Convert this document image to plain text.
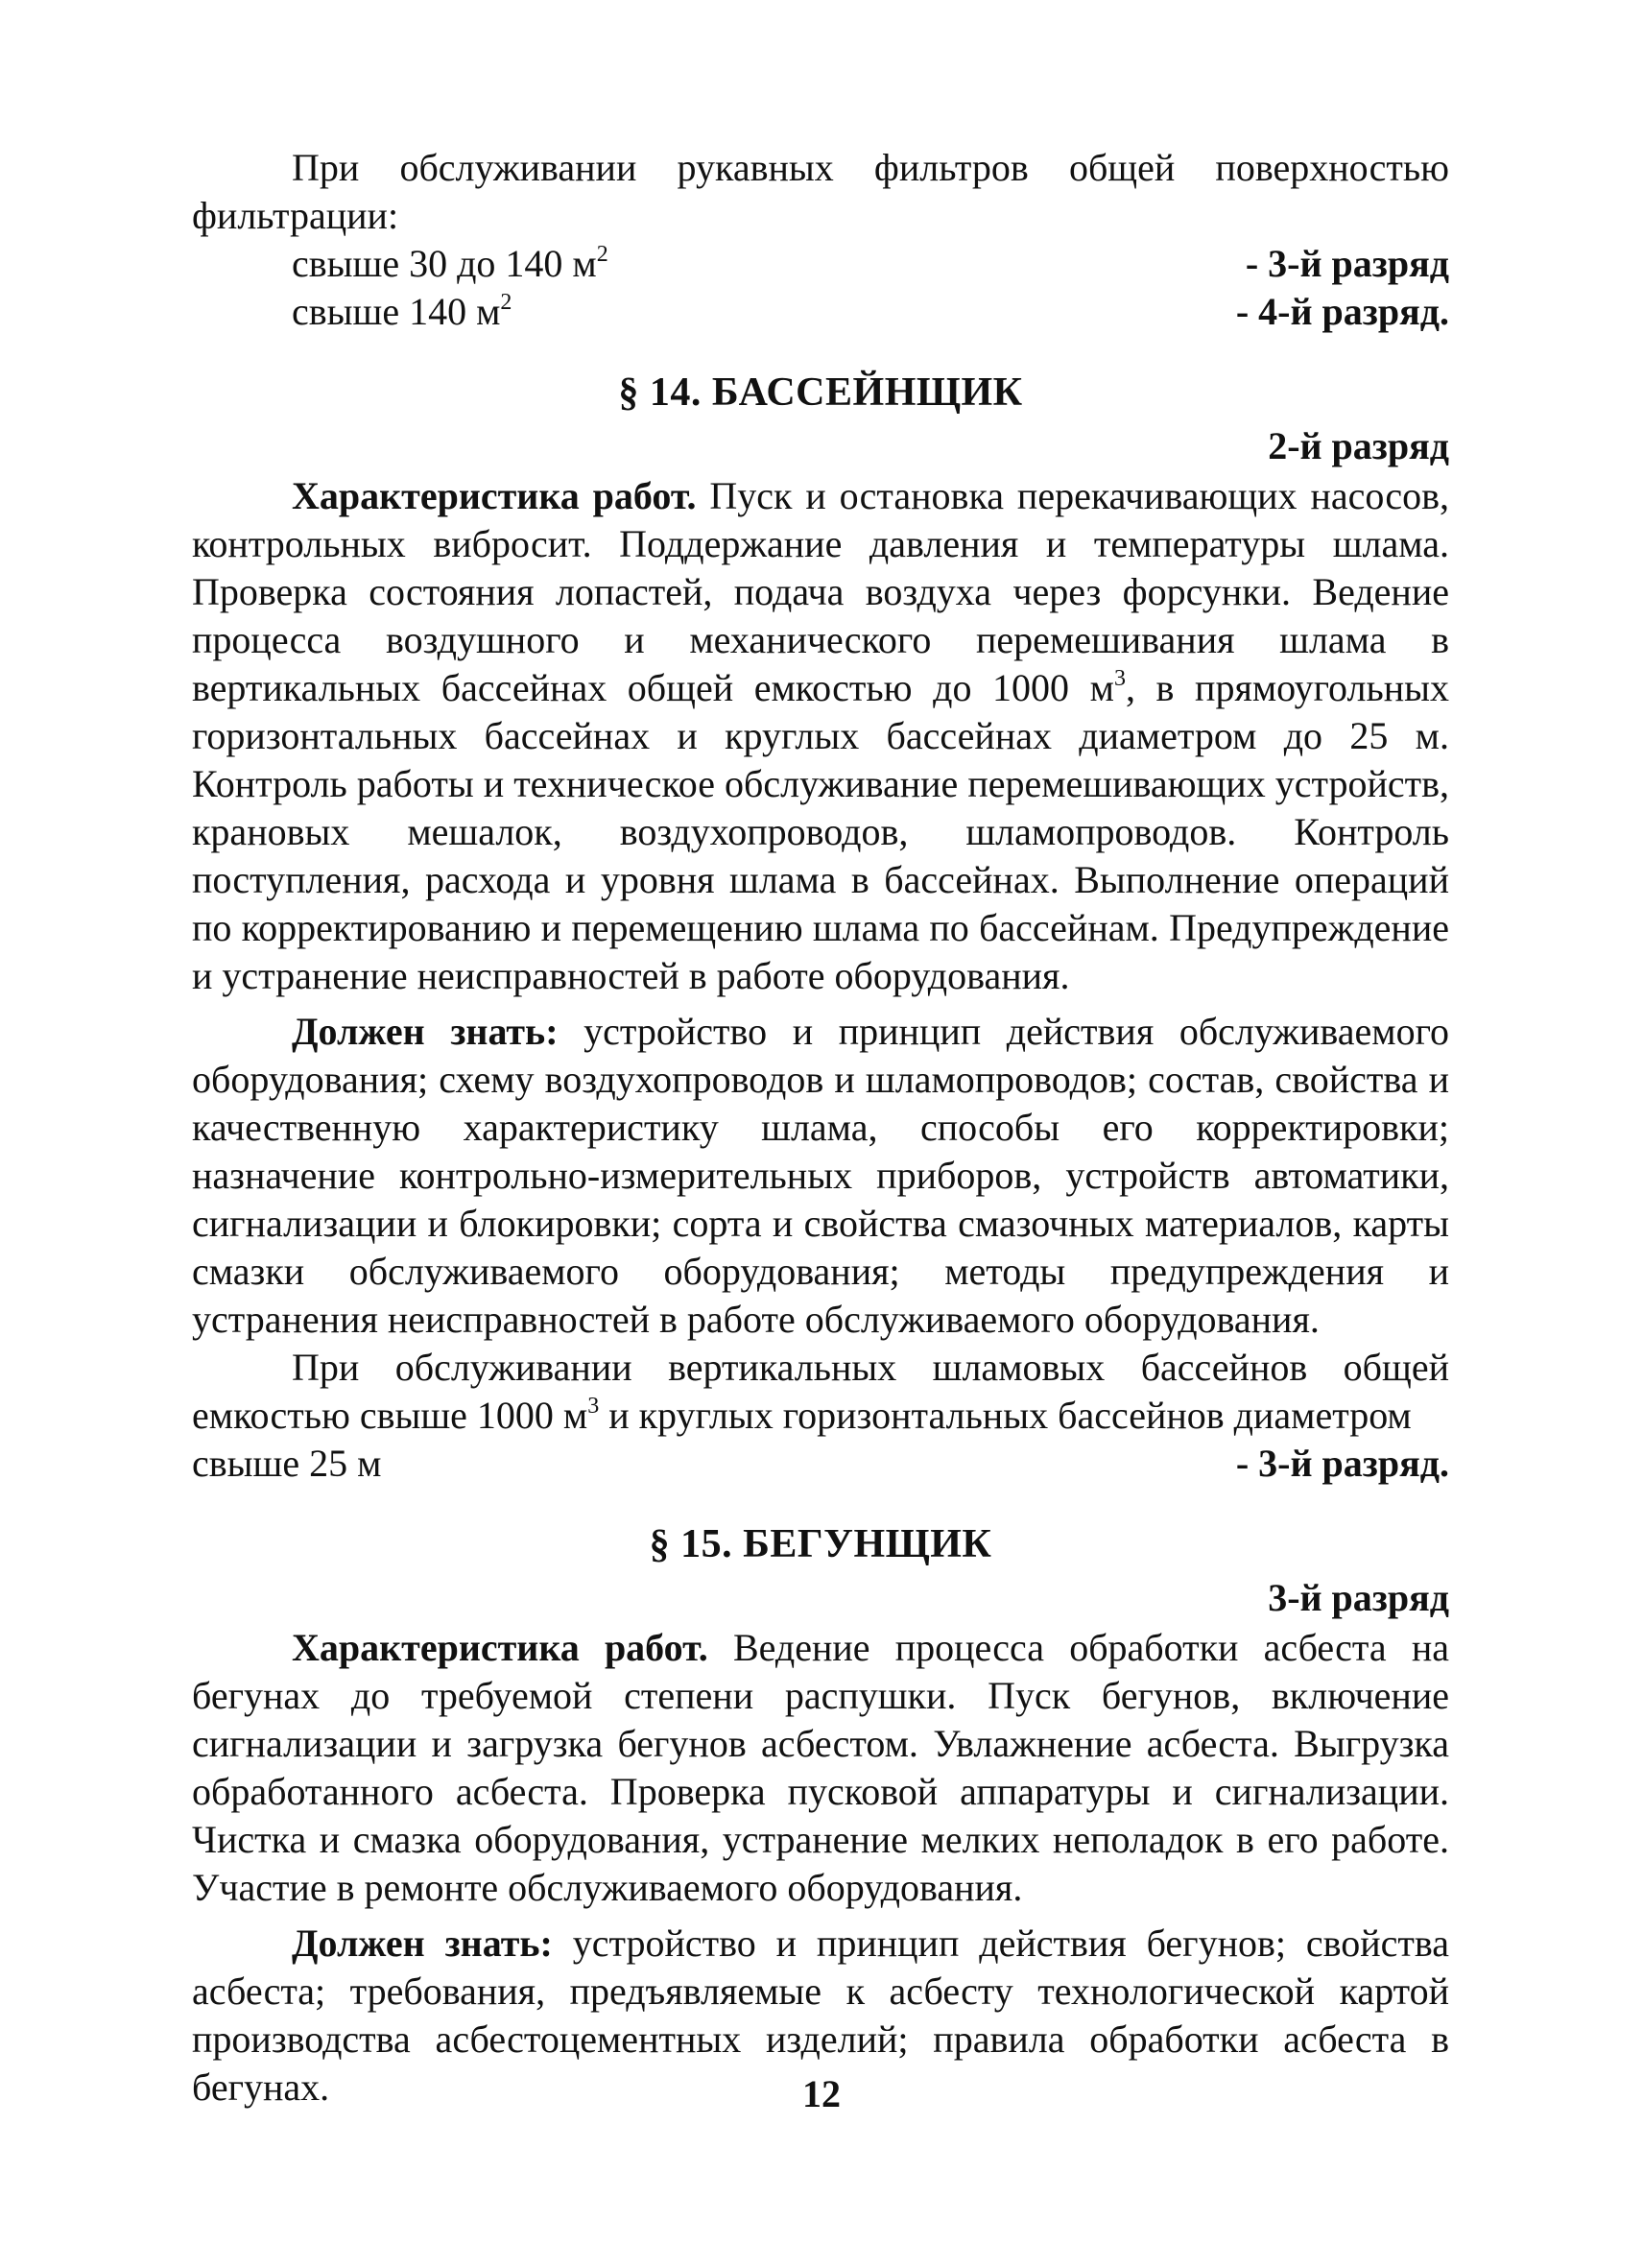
При обслуживании рукавных фильтров общей поверхностью фильтрации:

свыше 30 до 140 $м^2$	- 3-й разряд
свыше 140 $м^2$	- 4-й разряд.
§ 14. БАССЕЙНЩИК
2-й разряд

Характеристика работ. Пуск и остановка перекачивающих насосов, контрольных вибросит. Поддержание давления и температуры шлама. Проверка состояния лопастей, подача воздуха через форсунки. Ведение процесса воздушного и механического перемешивания шлама в вертикальных бассейнах общей емкостью до 1000 $м^3$, в прямоугольных горизонтальных бассейнах и круглых бассейнах диаметром до 25 м. Контроль работы и техническое обслуживание перемешивающих устройств, крановых мешалок, воздухопроводов, шламопроводов. Контроль поступления, расхода и уровня шлама в бассейнах. Выполнение операций по корректированию и перемещению шлама по бассейнам. Предупреждение и устранение неисправностей в работе оборудования.

Должен знать: устройство и принцип действия обслуживаемого оборудования; схему воздухопроводов и шламопроводов; состав, свойства и качественную характеристику шлама, способы его корректировки; назначение контрольно-измерительных приборов, устройств автоматики, сигнализации и блокировки; сорта и свойства смазочных материалов, карты смазки обслуживаемого оборудования; методы предупреждения и устранения неисправностей в работе обслуживаемого оборудования.

При обслуживании вертикальных шламовых бассейнов общей емкостью свыше 1000 $м^3$ и круглых горизонтальных бассейнов диаметром

свыше 25 м	- 3-й разряд.
§ 15. БЕГУНЩИК
3-й разряд

Характеристика работ. Ведение процесса обработки асбеста на бегунах до требуемой степени распушки. Пуск бегунов, включение сигнализации и загрузка бегунов асбестом. Увлажнение асбеста. Выгрузка обработанного асбеста. Проверка пусковой аппаратуры и сигнализации. Чистка и смазка оборудования, устранение мелких неполадок в его работе. Участие в ремонте обслуживаемого оборудования.

Должен знать: устройство и принцип действия бегунов; свойства асбеста; требования, предъявляемые к асбесту технологической картой производства асбестоцементных изделий; правила обработки асбеста в бегунах.	12
